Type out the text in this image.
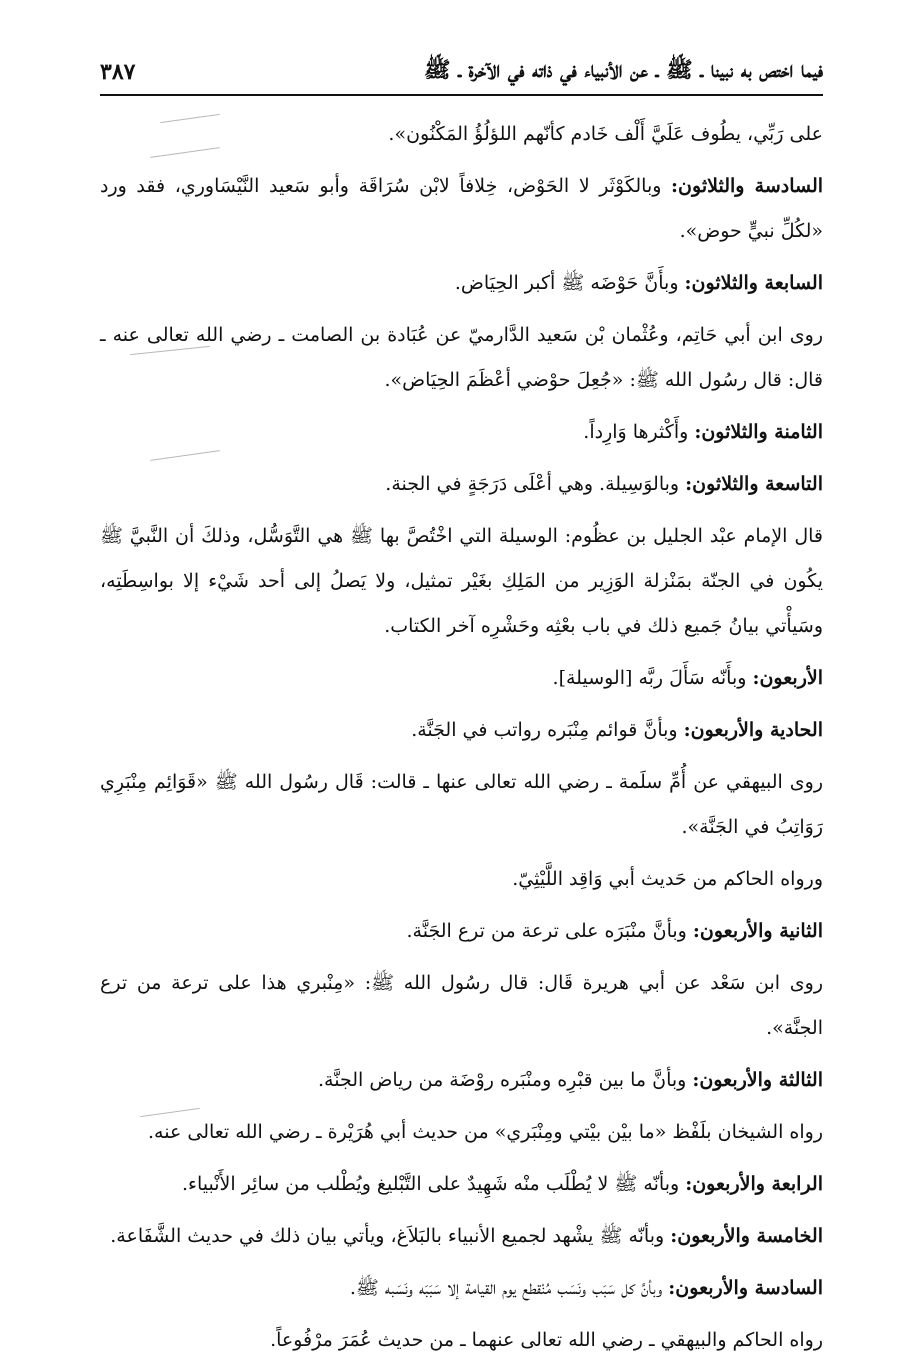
فيما اختص به نبينا ـ ﷺ ـ عن الأنبياء في ذاته في الآخرة ـ ﷺ
٣٨٧

على رَبِّي، يطُوف عَلَيَّ أَلْف خَادم كأنّهم اللؤلُؤُ المَكْنُون».

السادسة والثلاثون: وبالكَوْثَر لا الحَوْض، خِلافاً لابْن سُرَاقَة وأبو سَعيد النَّيْسَاوري، فقد ورد «لكُلِّ نبيٍّ حوض».

السابعة والثلاثون: وبأَنَّ حَوْضَه ﷺ أكبر الحِيَاض.

روى ابن أبي حَاتِم، وعُثْمان بْن سَعيد الدَّارميّ عن عُبَادة بن الصامت ـ رضي الله تعالى عنه ـ قال: قال رسُول الله ﷺ: «جُعِلَ حوْضي أعْظَمَ الحِيَاض».

الثامنة والثلاثون: وأَكْثرها وَارِداً.

التاسعة والثلاثون: وبالوَسِيلة. وهي أعْلَى دَرَجَةٍ في الجنة.

قال الإمام عبْد الجليل بن عظُوم: الوسيلة التي اخْتُصَّ بها ﷺ هي التَّوَسُّل، وذلكَ أن النَّبيَّ ﷺ يكُون في الجنّة بمَنْزلة الوَزِير من المَلِكِ بغَيْر تمثيل، ولا يَصلُ إلى أحد شَيْء إلا بواسِطَتِه، وسَيأْتي بيانُ جَميع ذلك في باب بعْثِه وحَشْرِه آخر الكتاب.

الأربعون: وبأَنّه سَأَلَ ربَّه [الوسيلة].

الحادية والأربعون: وبأنَّ قوائم مِنْبَره رواتب في الجَنَّة.

روى البيهقي عن أُمِّ سلَمة ـ رضي الله تعالى عنها ـ قالت: قَال رسُول الله ﷺ «قَوَائِم مِنْبَرِي رَوَاتِبُ في الجَنَّة».

ورواه الحاكم من حَديث أبي وَاقِد اللَّيْثِيّ.

الثانية والأربعون: وبأنَّ منْبَرَه على ترعة من ترع الجَنَّة.

روى ابن سَعْد عن أبي هريرة قَال: قال رسُول الله ﷺ: «مِنْبري هذا على ترعة من ترع الجنَّة».

الثالثة والأربعون: وبأنَّ ما بين قبْرِه ومنْبَره روْضَة من رياض الجنَّة.

رواه الشيخان بلَفْظ «ما بيْن بيْتي ومِنْبَري» من حديث أبي هُرَيْرة ـ رضي الله تعالى عنه.

الرابعة والأربعون: وبأنّه ﷺ لا يُطْلَب منْه شَهِيدٌ على التَّبْليغ ويُطْلب من سائِر الأَنْبياء.

الخامسة والأربعون: وبأنّه ﷺ يشْهد لجميع الأنبياء بالبَلاَغ، ويأتي بيان ذلك في حديث الشَّفَاعة.

السادسة والأربعون: وبأنَّ كل سَبَب ونَسَب مُنْقطع يوم القيامة إلا سَبَبَه ونَسَبه ﷺ.

رواه الحاكم والبيهقي ـ رضي الله تعالى عنهما ـ من حديث عُمَرَ مرْفُوعاً.
